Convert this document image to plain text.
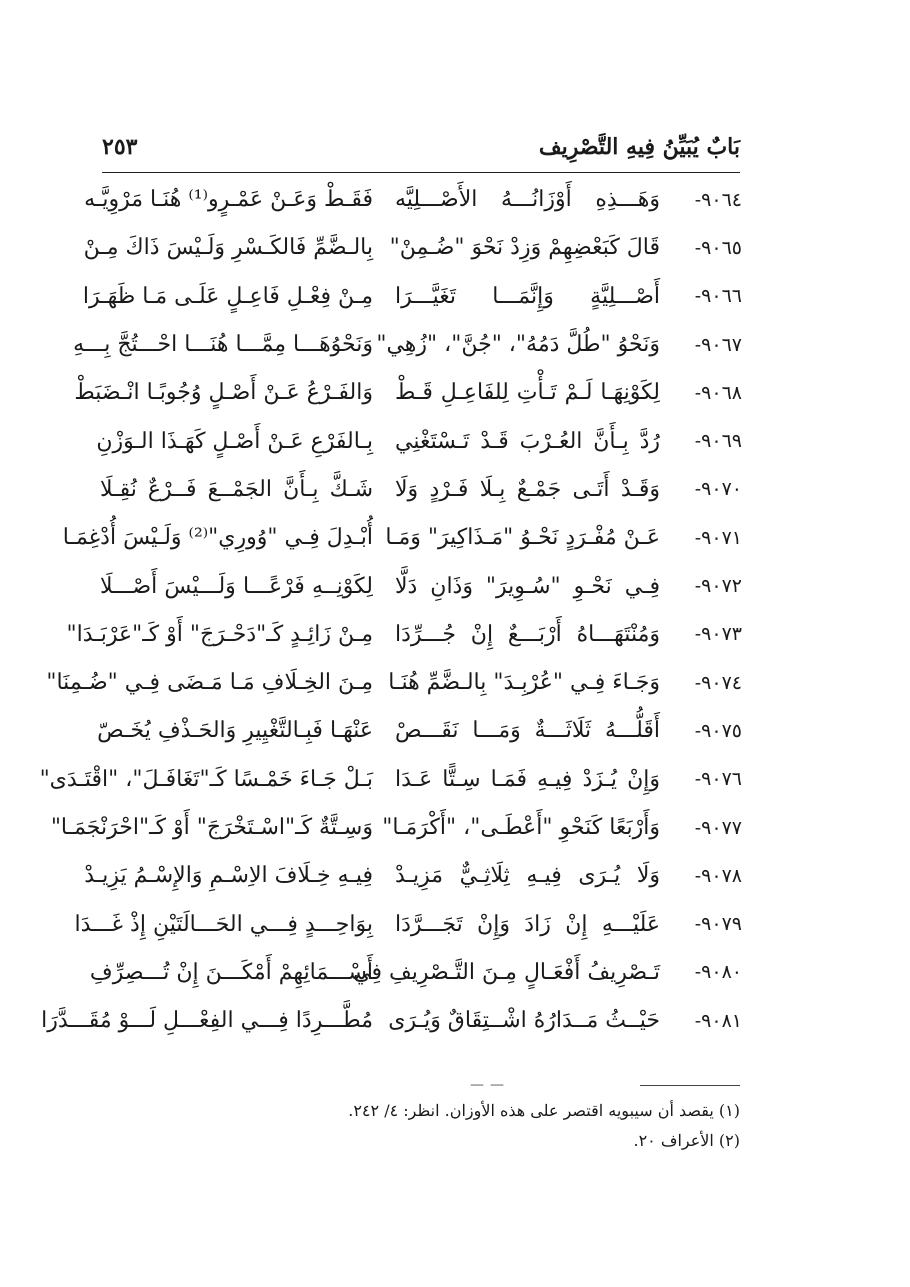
بَابٌ يُبَيِّنُ فِيهِ التَّصْرِيف
٢٥٣
٩٠٦٤-
وَهَـــذِهِ أَوْزَانُـــهُ الأَصْـــلِيَّه
فَقَـطْ وَعَـنْ عَمْـرٍو⁽¹⁾ هُنَـا مَرْوِيَّـه
٩٠٦٥-
قَالَ كَبَعْضِهِمْ وَزِدْ نَحْوَ "ضُـمِنْ"
بِالـضَّمِّ فَالكَـسْرِ وَلَـيْسَ ذَاكَ مِـنْ
٩٠٦٦-
أَصْـــلِيَّةٍ وَإِنَّمَـــا تَغَيَّـــرَا
مِـنْ فِعْـلِ فَاعِـلٍ عَلَـى مَـا ظَهَـرَا
٩٠٦٧-
وَنَحْوُ "طُلَّ دَمُهُ"، "جُنَّ"، "زُهِي"
وَنَحْوُهَـــا مِمَّـــا هُنَـــا احْـــتُجَّ بِـــهِ
٩٠٦٨-
لِكَوْنِهَـا لَـمْ تَـأْتِ لِلفَاعِـلِ قَـطْ
وَالفَـرْعُ عَـنْ أَصْـلٍ وُجُوبًـا انْـضَبَطْ
٩٠٦٩-
رُدَّ بِـأَنَّ العُـرْبَ قَـدْ تَـسْتَغْنِي
بِـالفَرْعِ عَـنْ أَصْـلٍ كَهَـذَا الـوَزْنِ
٩٠٧٠-
وَقَـدْ أَتَـى جَمْـعٌ بِـلَا فَـرْدٍ وَلَا
شَـكَّ بِـأَنَّ الجَمْــعَ فَــرْعٌ نُقِـلَا
٩٠٧١-
عَـنْ مُفْـرَدٍ نَحْـوُ "مَـذَاكِيرَ" وَمَـا
أُبْـدِلَ فِـي "وُورِي"⁽²⁾ وَلَـيْسَ أُدْغِمَـا
٩٠٧٢-
فِـي نَحْـوِ "سُـوِيرَ" وَذَانِ دَلَّا
لِكَوْنِــهِ فَرْعًـــا وَلَـــيْسَ أَصْـــلَا
٩٠٧٣-
وَمُنْتَهَـــاهُ أَرْبَـــعٌ إِنْ جُـــرِّدَا
مِـنْ زَائِـدٍ كَـ"دَحْـرَجَ" أَوْ كَـ"عَرْبَـدَا"
٩٠٧٤-
وَجَـاءَ فِـي "عُرْبِـدَ" بِالـضَّمِّ هُنَـا
مِـنَ الخِـلَافِ مَـا مَـضَى فِـي "ضُـمِنَا"
٩٠٧٥-
أَقَلُّـــهُ ثَلَاثَـــةٌ وَمَـــا نَقَـــصْ
عَنْهَـا فَبِـالتَّغْيِيرِ وَالحَـذْفِ يُخَـصّ
٩٠٧٦-
وَإِنْ يُـزَدْ فِيـهِ فَمَـا سِـتًّا عَـدَا
بَـلْ جَـاءَ خَمْـسًا كَـ"تَغَافَـلَ"، "اقْتَـدَى"
٩٠٧٧-
وَأَرْبَعًا كَنَحْوِ "أَعْطَـى"، "أَكْرَمَـا"
وَسِـتَّةٌ كَـ"اسْـتَخْرَجَ" أَوْ كَـ"احْرَنْجَمَـا"
٩٠٧٨-
وَلَا يُـرَى فِيـهِ ثِلَاثِـيٌّ مَزِيـدْ
فِيـهِ خِـلَافَ الاِسْـمِ وَالإِسْـمُ يَزِيـدْ
٩٠٧٩-
عَلَيْـــهِ إِنْ زَادَ وَإِنْ تَجَـــرَّدَا
بِوَاحِـــدٍ فِـــي الحَـــالَتَيْنِ إِذْ غَـــدَا
٩٠٨٠-
تَـصْرِيفُ أَفْعَـالٍ مِـنَ التَّـصْرِيفِ فِي
أَسْـــمَائِهِمْ أَمْكَـــنَ إِنْ تُـــصِرِّفِ
٩٠٨١-
حَيْــثُ مَــدَارُهُ اشْــتِقَاقٌ وَيُـرَى
مُطَّـــرِدًا فِـــي الفِعْـــلِ لَـــوْ مُقَـــدَّرَا
——
(١) يقصد أن سيبويه اقتصر على هذه الأوزان. انظر: ٤/ ٢٤٢.
(٢) الأعراف ٢٠.
